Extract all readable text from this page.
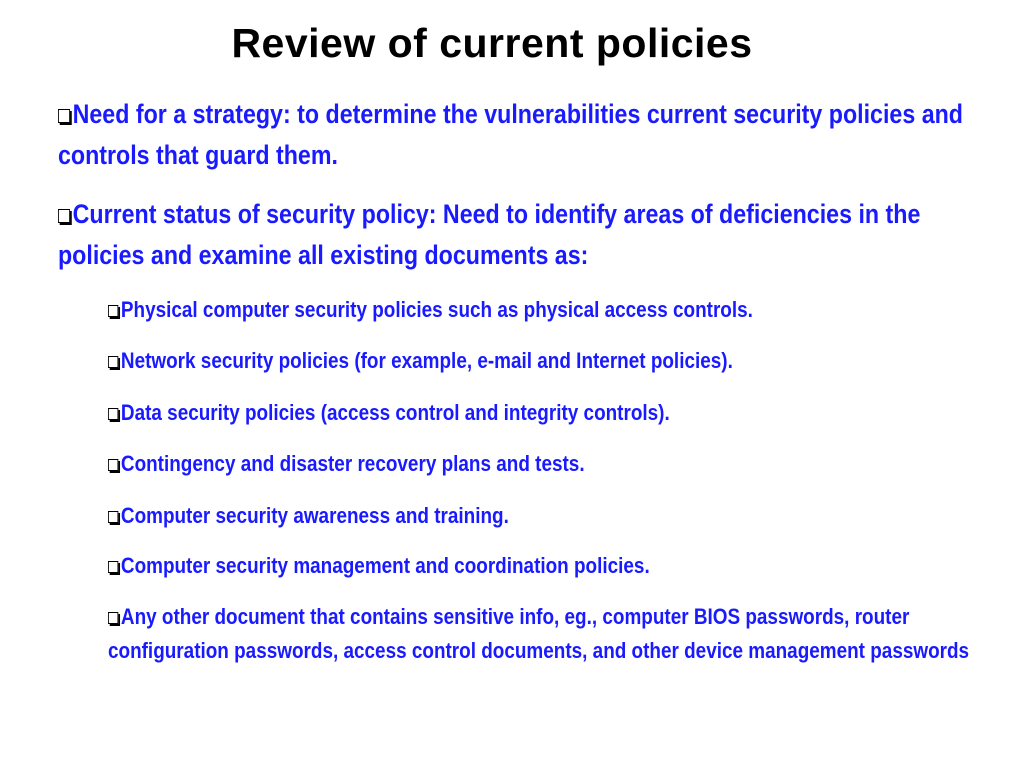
Review of current policies
Need for a strategy: to determine the vulnerabilities current security policies and controls that guard them.
Current status of security policy: Need to identify areas of deficiencies in the policies and examine all existing documents as:
Physical computer security policies such as physical access controls.
Network security policies (for example, e-mail and Internet policies).
Data security policies (access control and integrity controls).
Contingency and disaster recovery plans and tests.
Computer security awareness and training.
Computer security management and coordination policies.
Any other document that contains sensitive info, eg., computer BIOS passwords, router configuration passwords, access control documents, and other device management passwords
